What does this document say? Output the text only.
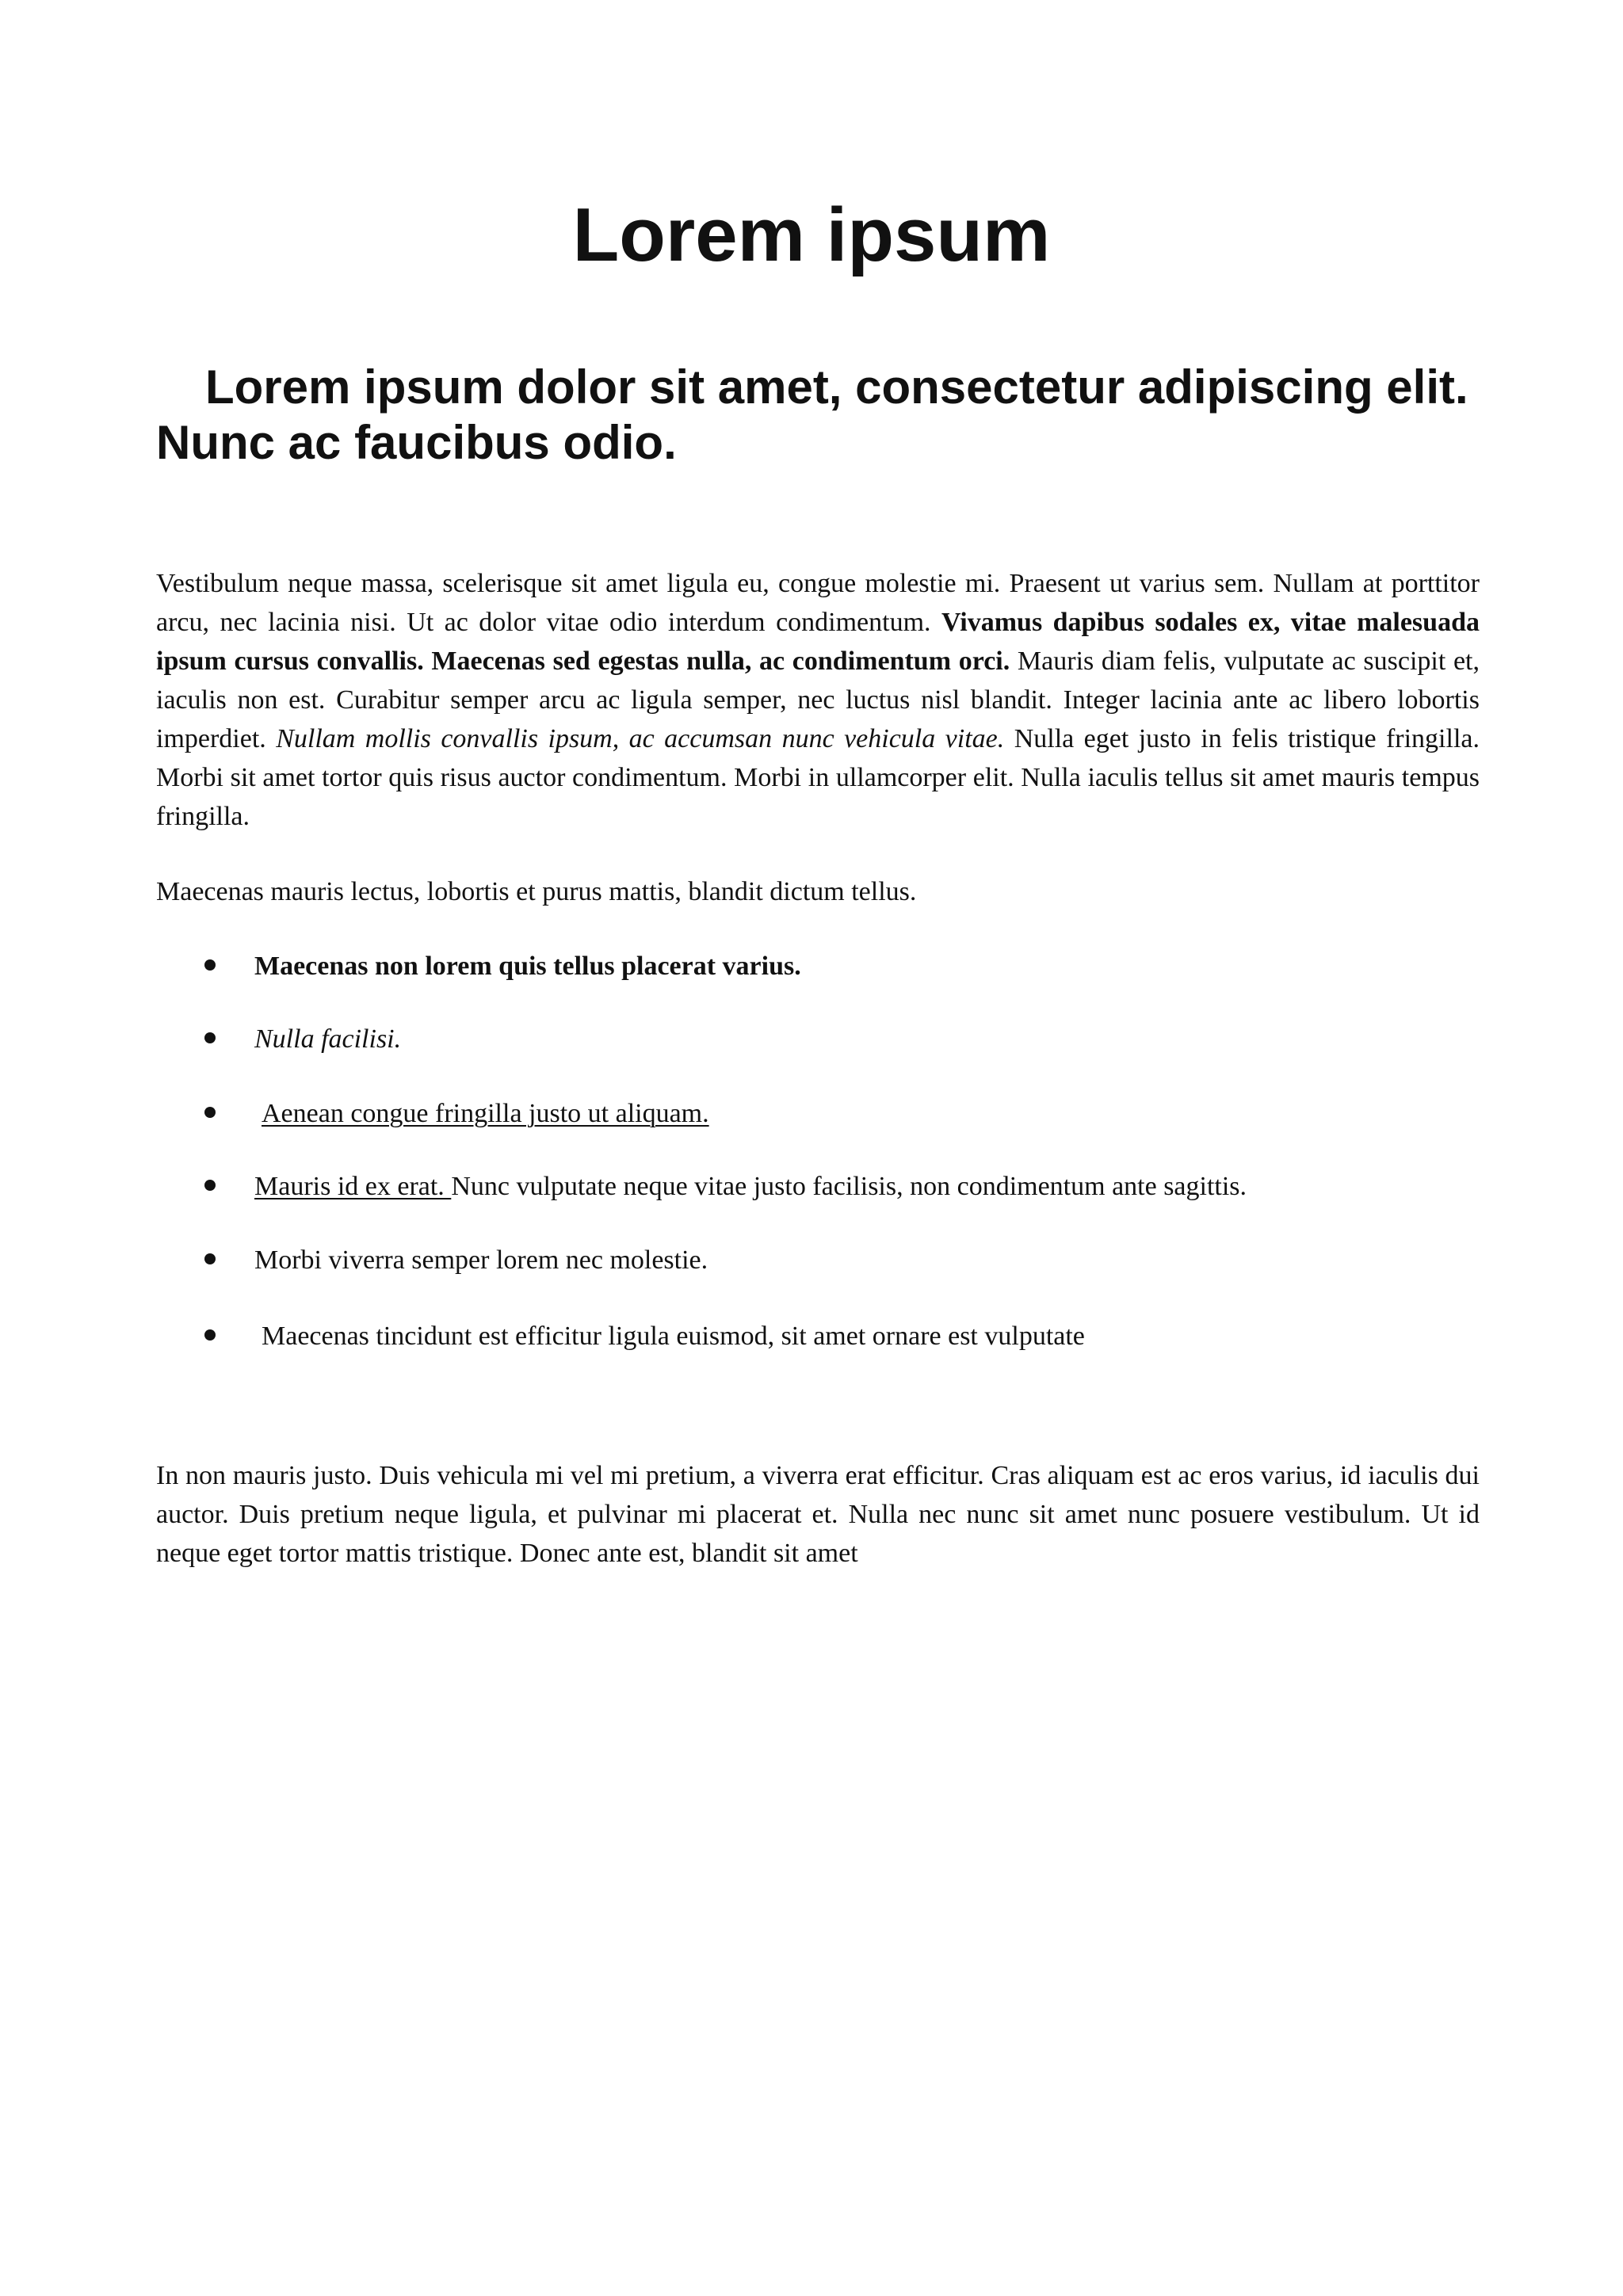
Lorem ipsum
Lorem ipsum dolor sit amet, consectetur adipiscing elit. Nunc ac faucibus odio.

Vestibulum neque massa, scelerisque sit amet ligula eu, congue molestie mi. Praesent ut varius sem. Nullam at porttitor arcu, nec lacinia nisi. Ut ac dolor vitae odio interdum condimentum. Vivamus dapibus sodales ex, vitae malesuada ipsum cursus convallis. Maecenas sed egestas nulla, ac condimentum orci. Mauris diam felis, vulputate ac suscipit et, iaculis non est. Curabitur semper arcu ac ligula semper, nec luctus nisl blandit. Integer lacinia ante ac libero lobortis imperdiet. Nullam mollis convallis ipsum, ac accumsan nunc vehicula vitae. Nulla eget justo in felis tristique fringilla. Morbi sit amet tortor quis risus auctor condimentum. Morbi in ullamcorper elit. Nulla iaculis tellus sit amet mauris tempus fringilla.

Maecenas mauris lectus, lobortis et purus mattis, blandit dictum tellus.

Maecenas non lorem quis tellus placerat varius.
Nulla facilisi.
Aenean congue fringilla justo ut aliquam.
Mauris id ex erat. Nunc vulputate neque vitae justo facilisis, non condimentum ante sagittis.
Morbi viverra semper lorem nec molestie.
Maecenas tincidunt est efficitur ligula euismod, sit amet ornare est vulputate

In non mauris justo. Duis vehicula mi vel mi pretium, a viverra erat efficitur. Cras aliquam est ac eros varius, id iaculis dui auctor. Duis pretium neque ligula, et pulvinar mi placerat et. Nulla nec nunc sit amet nunc posuere vestibulum. Ut id neque eget tortor mattis tristique. Donec ante est, blandit sit amet
